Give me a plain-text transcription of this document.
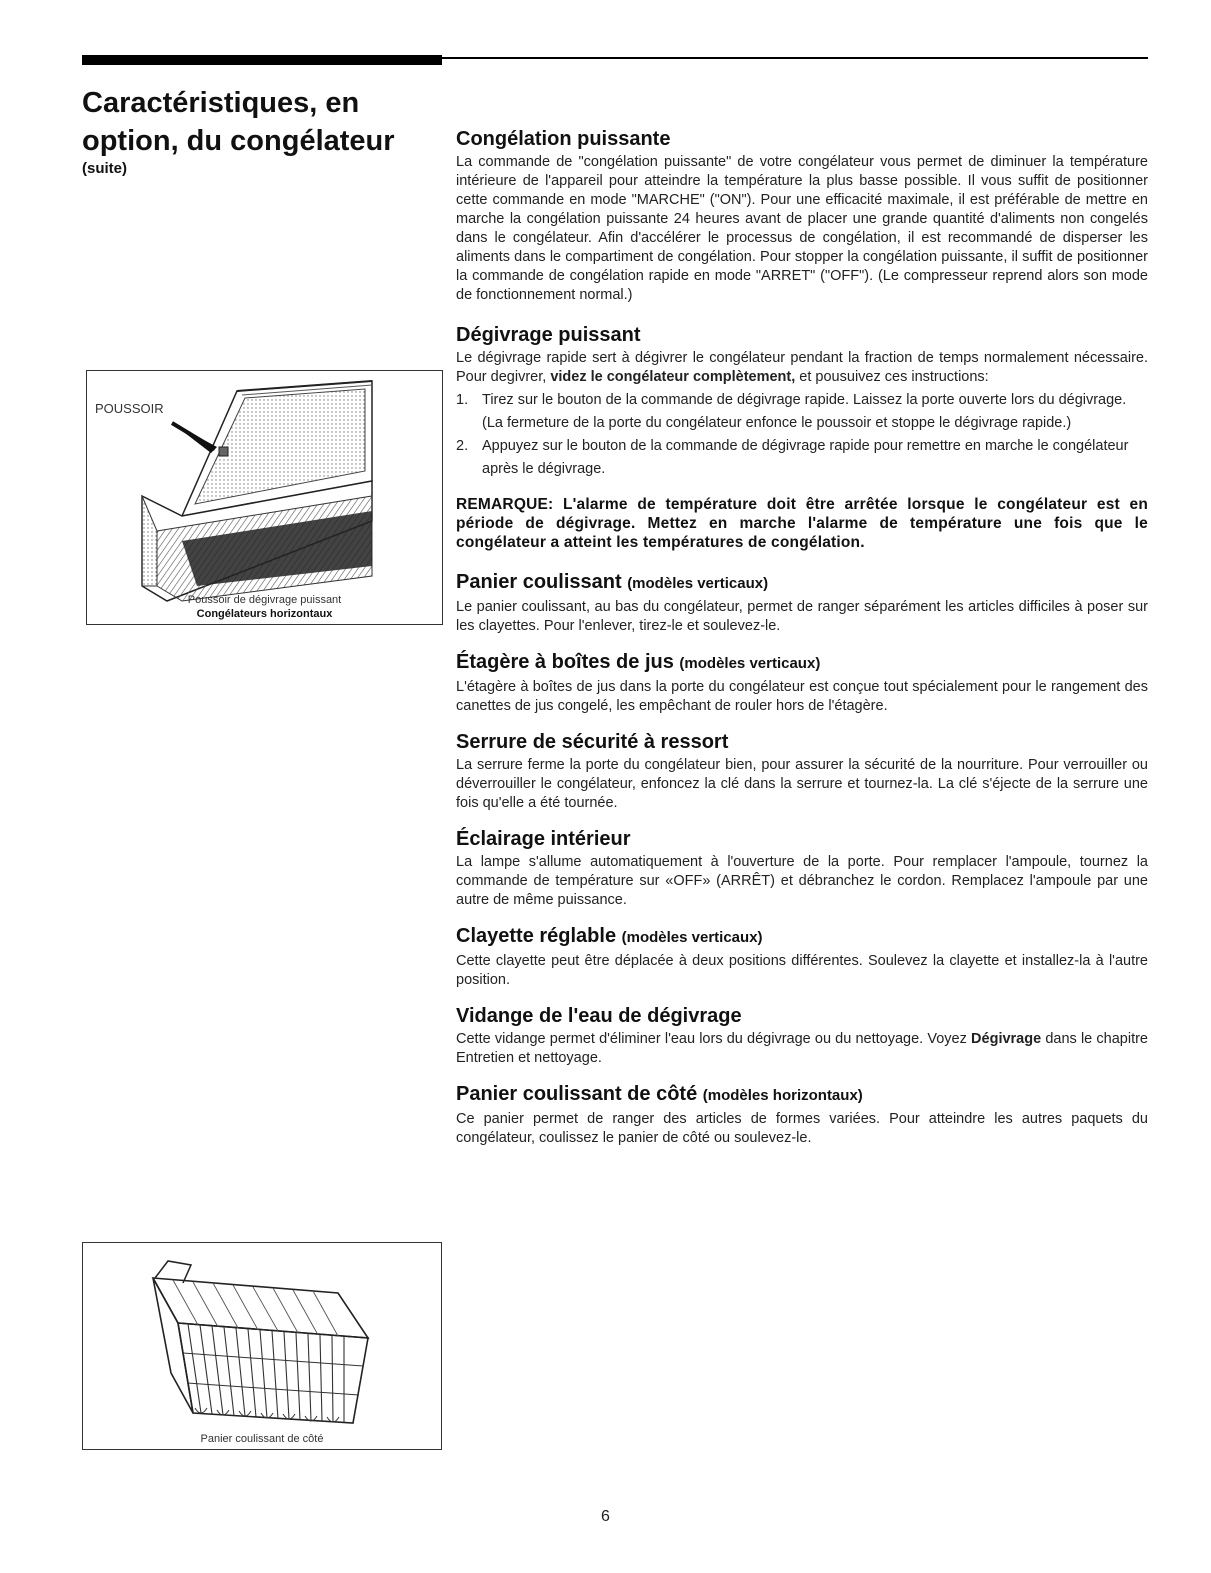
Caractéristiques, en option, du congélateur

(suite)

POUSSOIR
Poussoir de dégivrage puissant
Congélateurs horizontaux
Panier coulissant de côté
Congélation puissante

La commande de "congélation puissante" de votre congélateur vous permet de diminuer la température intérieure de l'appareil pour atteindre la température la plus basse possible. Il vous suffit de positionner cette commande en mode "MARCHE" ("ON"). Pour une efficacité maximale, il est préférable de mettre en marche la congélation puissante 24 heures avant de placer une grande quantité d'aliments non congelés dans le congélateur. Afin d'accélérer le processus de congélation, il est recommandé de disperser les aliments dans le compartiment de congélation. Pour stopper la congélation puissante, il suffit de positionner la commande de congélation rapide en mode "ARRET" ("OFF"). (Le compresseur reprend alors son mode de fonctionnement normal.)

Dégivrage puissant

Le dégivrage rapide sert à dégivrer le congélateur pendant la fraction de temps normalement nécessaire. Pour degivrer, videz le congélateur complètement, et pousuivez ces instructions:

1. Tirez sur le bouton de la commande de dégivrage rapide. Laissez la porte ouverte lors du dégivrage. (La fermeture de la porte du congélateur enfonce le poussoir et stoppe le dégivrage rapide.)
2. Appuyez sur le bouton de la commande de dégivrage rapide pour remettre en marche le congélateur après le dégivrage.

REMARQUE: L'alarme de température doit être arrêtée lorsque le congélateur est en période de dégivrage. Mettez en marche l'alarme de température une fois que le congélateur a atteint les températures de congélation.

Panier coulissant (modèles verticaux)

Le panier coulissant, au bas du congélateur, permet de ranger séparément les articles difficiles à poser sur les clayettes. Pour l'enlever, tirez-le et soulevez-le.

Étagère à boîtes de jus (modèles verticaux)

L'étagère à boîtes de jus dans la porte du congélateur est conçue tout spécialement pour le rangement des canettes de jus congelé, les empêchant de rouler hors de l'étagère.

Serrure de sécurité à ressort

La serrure ferme la porte du congélateur bien, pour assurer la sécurité de la nourriture. Pour verrouiller ou déverrouiller le congélateur, enfoncez la clé dans la serrure et tournez-la. La clé s'éjecte de la serrure une fois qu'elle a été tournée.

Éclairage intérieur

La lampe s'allume automatiquement à l'ouverture de la porte. Pour remplacer l'ampoule, tournez la commande de température sur «OFF» (ARRÊT) et débranchez le cordon. Remplacez l'ampoule par une autre de même puissance.

Clayette réglable (modèles verticaux)

Cette clayette peut être déplacée à deux positions différentes. Soulevez la clayette et installez-la à l'autre position.

Vidange de l'eau de dégivrage

Cette vidange permet d'éliminer l'eau lors du dégivrage ou du nettoyage. Voyez Dégivrage dans le chapitre Entretien et nettoyage.

Panier coulissant de côté (modèles horizontaux)

Ce panier permet de ranger des articles de formes variées. Pour atteindre les autres paquets du congélateur, coulissez le panier de côté ou soulevez-le.

6
